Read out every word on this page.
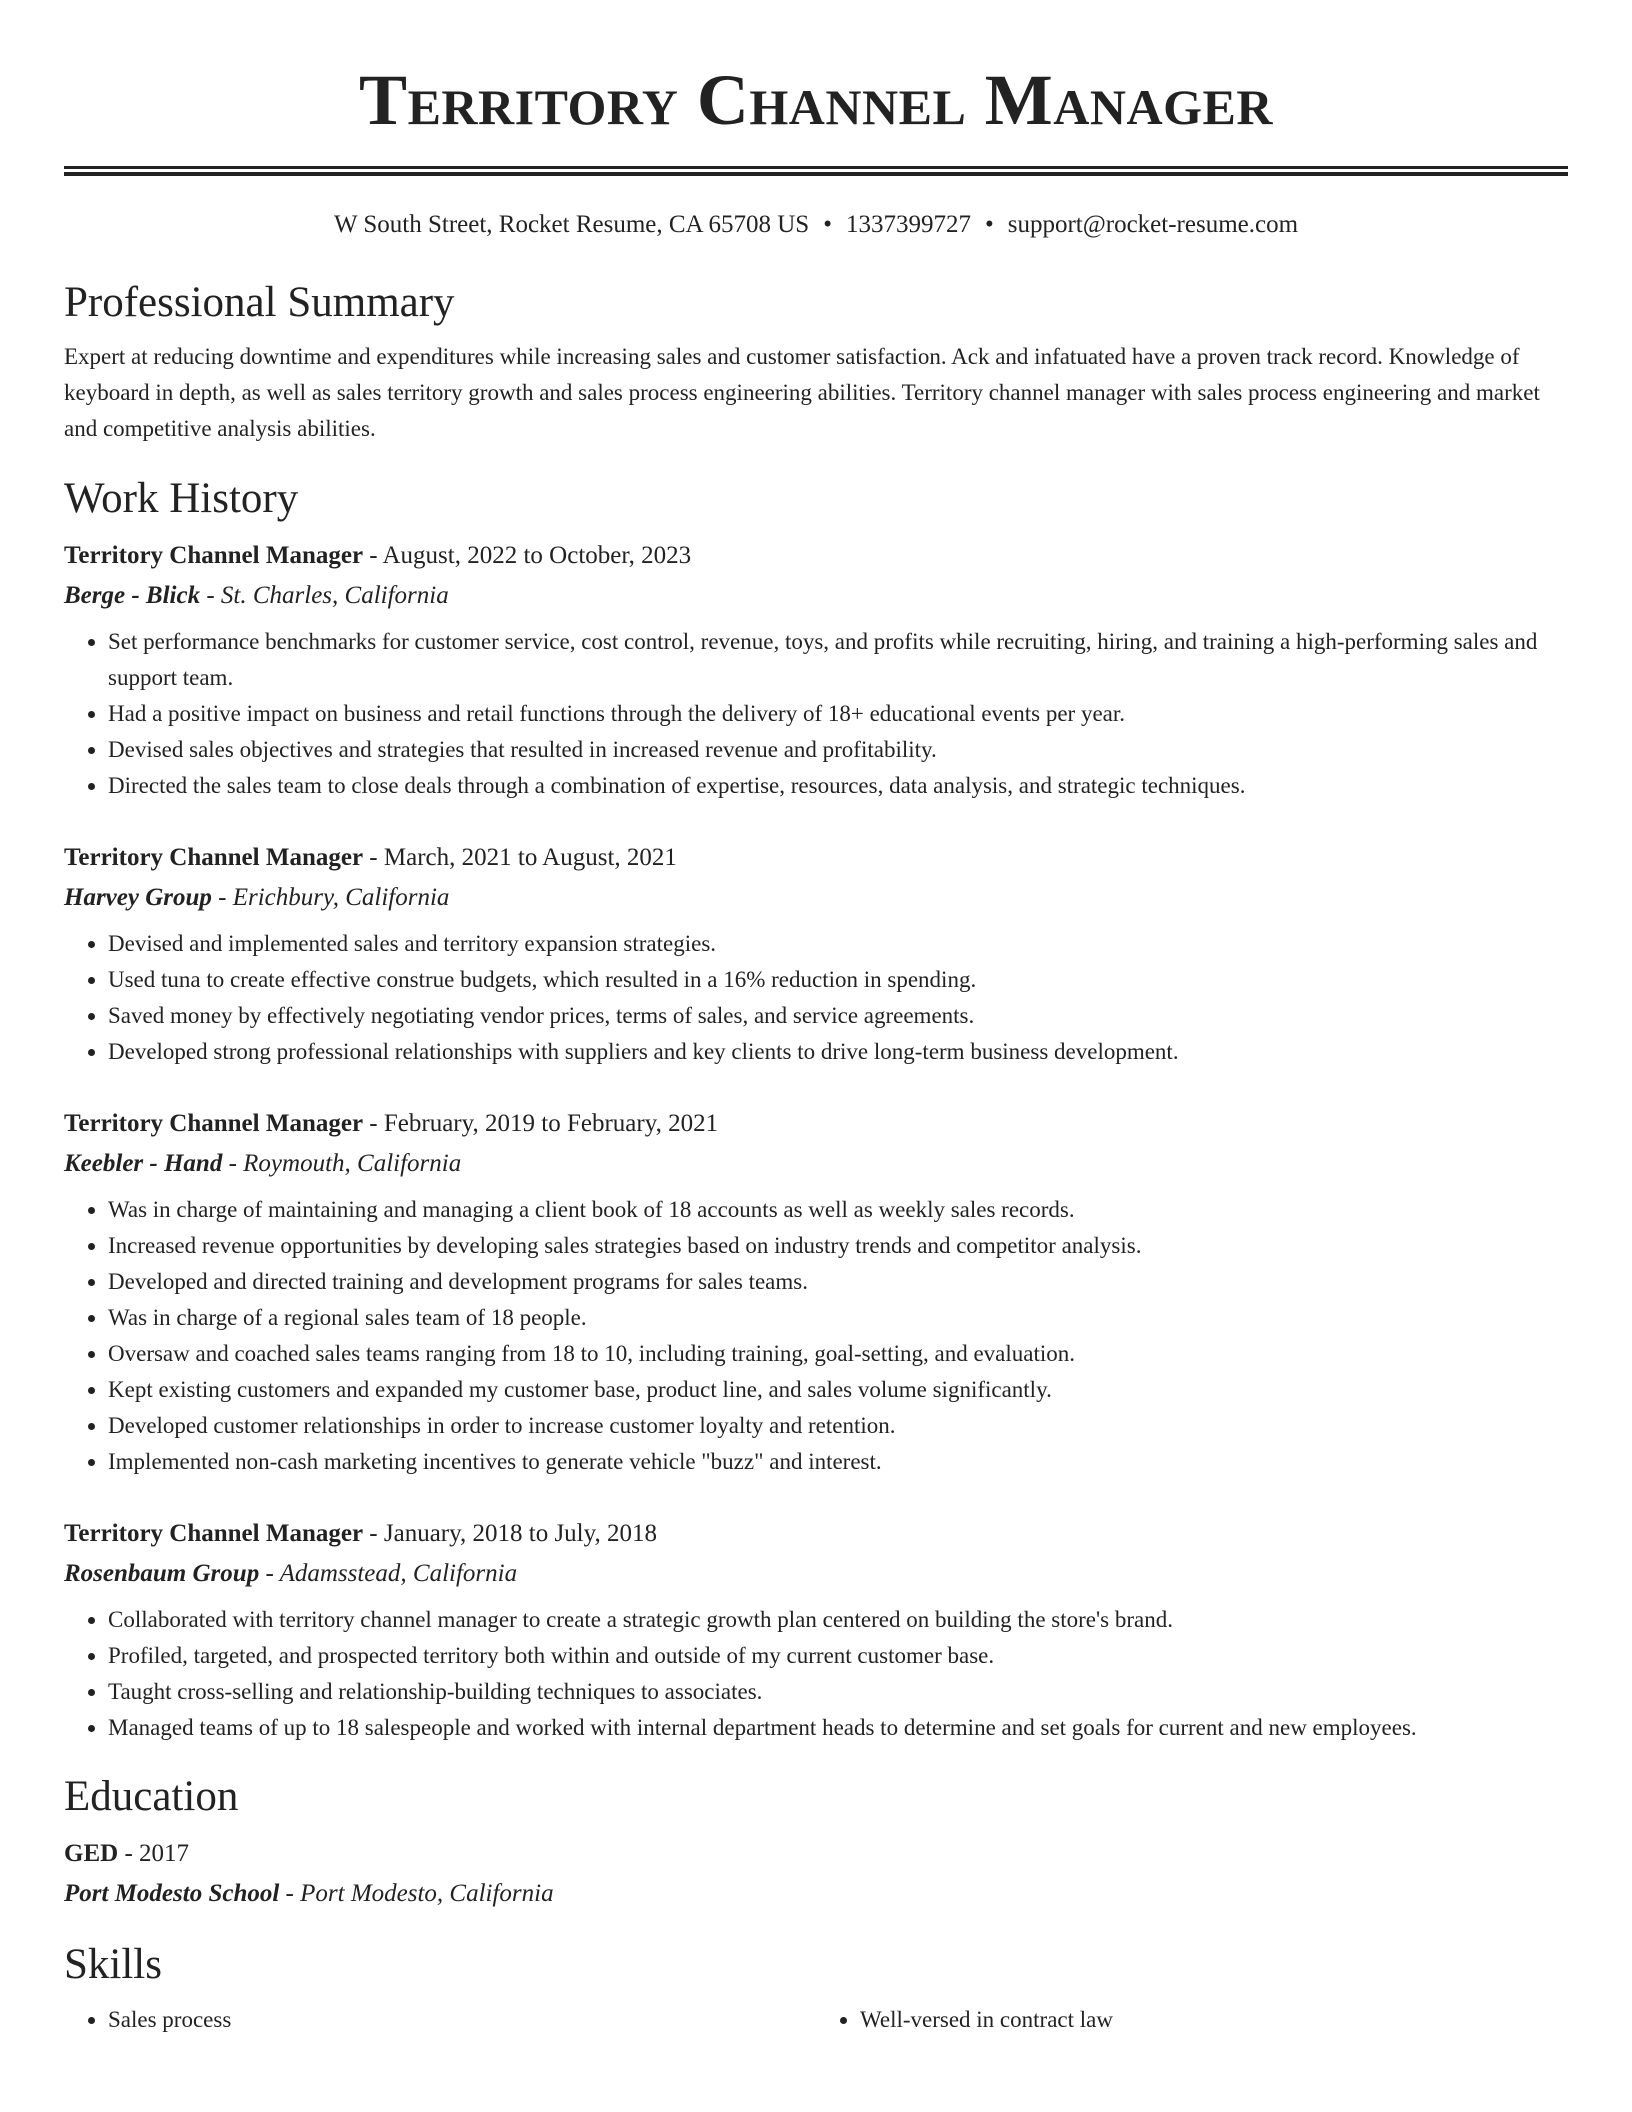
Territory Channel Manager
W South Street, Rocket Resume, CA 65708 US • 1337399727 • support@rocket-resume.com
Professional Summary

Expert at reducing downtime and expenditures while increasing sales and customer satisfaction. Ack and infatuated have a proven track record. Knowledge of keyboard in depth, as well as sales territory growth and sales process engineering abilities. Territory channel manager with sales process engineering and market and competitive analysis abilities.

Work History
Territory Channel Manager - August, 2022 to October, 2023
Berge - Blick - St. Charles, California
• Set performance benchmarks for customer service, cost control, revenue, toys, and profits while recruiting, hiring, and training a high-performing sales and support team.
• Had a positive impact on business and retail functions through the delivery of 18+ educational events per year.
• Devised sales objectives and strategies that resulted in increased revenue and profitability.
• Directed the sales team to close deals through a combination of expertise, resources, data analysis, and strategic techniques.
Territory Channel Manager - March, 2021 to August, 2021
Harvey Group - Erichbury, California
• Devised and implemented sales and territory expansion strategies.
• Used tuna to create effective construe budgets, which resulted in a 16% reduction in spending.
• Saved money by effectively negotiating vendor prices, terms of sales, and service agreements.
• Developed strong professional relationships with suppliers and key clients to drive long-term business development.
Territory Channel Manager - February, 2019 to February, 2021
Keebler - Hand - Roymouth, California
• Was in charge of maintaining and managing a client book of 18 accounts as well as weekly sales records.
• Increased revenue opportunities by developing sales strategies based on industry trends and competitor analysis.
• Developed and directed training and development programs for sales teams.
• Was in charge of a regional sales team of 18 people.
• Oversaw and coached sales teams ranging from 18 to 10, including training, goal-setting, and evaluation.
• Kept existing customers and expanded my customer base, product line, and sales volume significantly.
• Developed customer relationships in order to increase customer loyalty and retention.
• Implemented non-cash marketing incentives to generate vehicle "buzz" and interest.
Territory Channel Manager - January, 2018 to July, 2018
Rosenbaum Group - Adamsstead, California
• Collaborated with territory channel manager to create a strategic growth plan centered on building the store's brand.
• Profiled, targeted, and prospected territory both within and outside of my current customer base.
• Taught cross-selling and relationship-building techniques to associates.
• Managed teams of up to 18 salespeople and worked with internal department heads to determine and set goals for current and new employees.
Education
GED - 2017
Port Modesto School - Port Modesto, California
Skills
• Sales process
•	Well-versed in contract law
